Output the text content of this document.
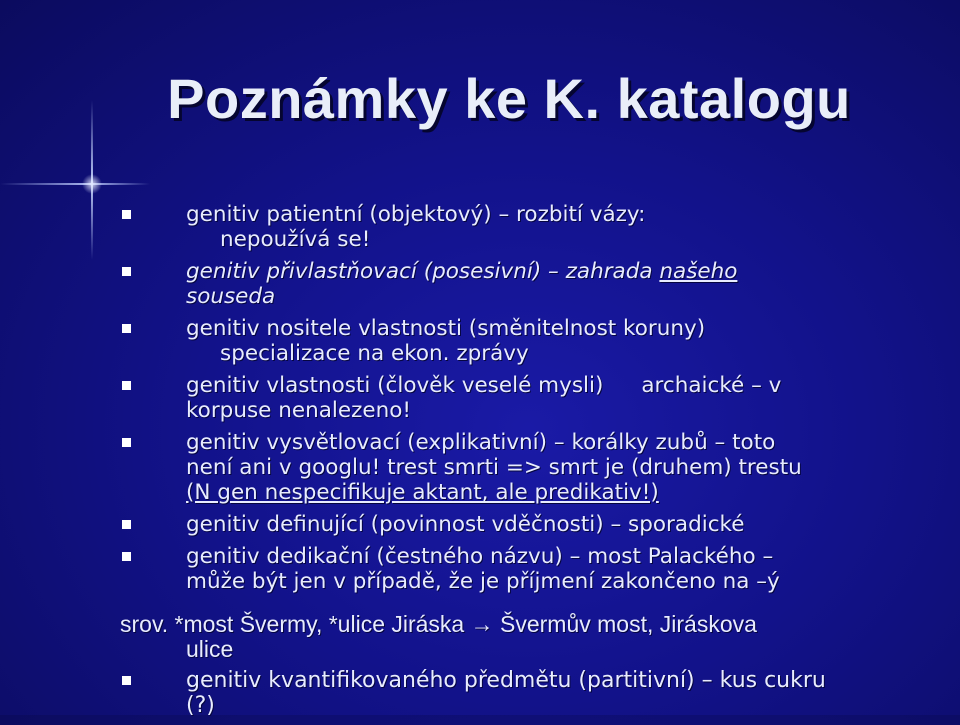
Poznámky ke K. katalogu
genitiv patientní (objektový) – rozbití vázy:
nepoužívá se!
genitiv přivlastňovací (posesivní) – zahrada našeho
souseda
genitiv nositele vlastnosti (směnitelnost koruny)
specializace na ekon. zprávy
genitiv vlastnosti (člověk veselé mysli) archaické – v
korpuse nenalezeno!
genitiv vysvětlovací (explikativní) – korálky zubů – toto
není ani v googlu! trest smrti => smrt je (druhem) trestu
(N gen nespecifikuje aktant, ale predikativ!)
genitiv definující (povinnost vděčnosti) – sporadické
genitiv dedikační (čestného názvu) – most Palackého –
může být jen v případě, že je příjmení zakončeno na –ý
srov. *most Švermy, *ulice Jiráska → Švermův most, Jiráskova
ulice
genitiv kvantifikovaného předmětu (partitivní) – kus cukru
(?)
